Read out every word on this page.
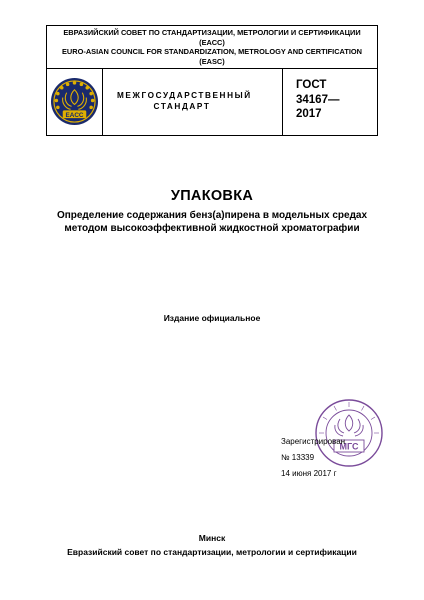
ЕВРАЗИЙСКИЙ СОВЕТ ПО СТАНДАРТИЗАЦИИ, МЕТРОЛОГИИ И СЕРТИФИКАЦИИ
(ЕАСС)
EURO-ASIAN COUNCIL FOR STANDARDIZATION, METROLOGY AND CERTIFICATION
(EASC)
EACC
МЕЖГОСУДАРСТВЕННЫЙ
СТАНДАРТ
ГОСТ
34167—
2017
УПАКОВКА
Определение содержания бенз(а)пирена в модельных средах
методом высокоэффективной жидкостной хроматографии
Издание официальное
МГС
Зарегистрирован
№ 13339
14 июня 2017 г
Минск
Евразийский совет по стандартизации, метрологии и сертификации
